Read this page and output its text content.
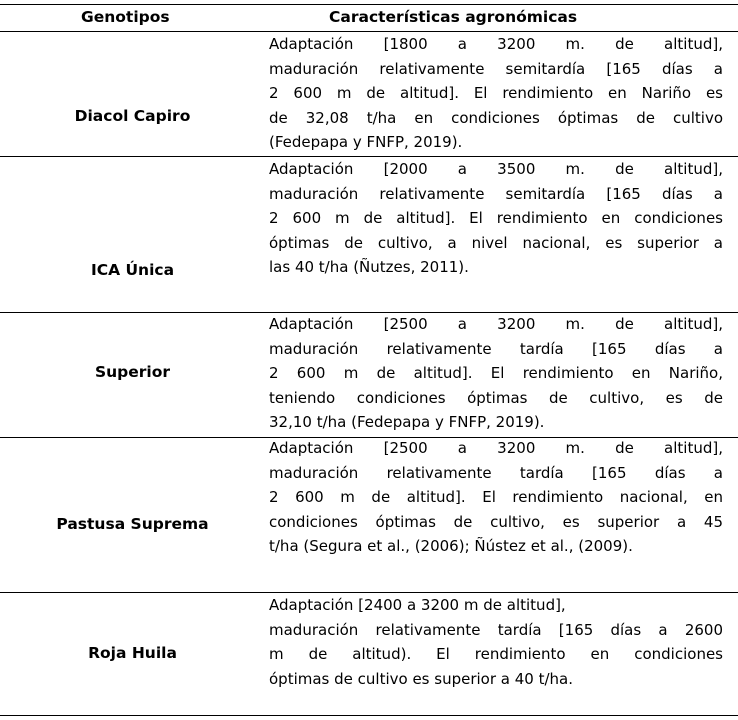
Genotipos	Características agronómicas
Diacol Capiro
Adaptación [1800 a 3200 m. de altitud],
maduración relativamente semitardía [165 días a
2 600 m de altitud]. El rendimiento en Nariño es
de 32,08 t/ha en condiciones óptimas de cultivo
(Fedepapa y FNFP, 2019).
ICA Única
Adaptación [2000 a 3500 m. de altitud],
maduración relativamente semitardía [165 días a
2 600 m de altitud]. El rendimiento en condiciones
óptimas de cultivo, a nivel nacional, es superior a
las 40 t/ha (Ñutzes, 2011).
Superior
Adaptación [2500 a 3200 m. de altitud],
maduración relativamente tardía [165 días a
2 600 m de altitud]. El rendimiento en Nariño,
teniendo condiciones óptimas de cultivo, es de
32,10 t/ha (Fedepapa y FNFP, 2019).
Pastusa Suprema
Adaptación [2500 a 3200 m. de altitud],
maduración relativamente tardía [165 días a
2 600 m de altitud]. El rendimiento nacional, en
condiciones óptimas de cultivo, es superior a 45
t/ha (Segura et al., (2006); Ñústez et al., (2009).
Roja Huila
Adaptación [2400 a 3200 m de altitud],
maduración relativamente tardía [165 días a 2600
m de altitud). El rendimiento en condiciones
óptimas de cultivo es superior a 40 t/ha.
